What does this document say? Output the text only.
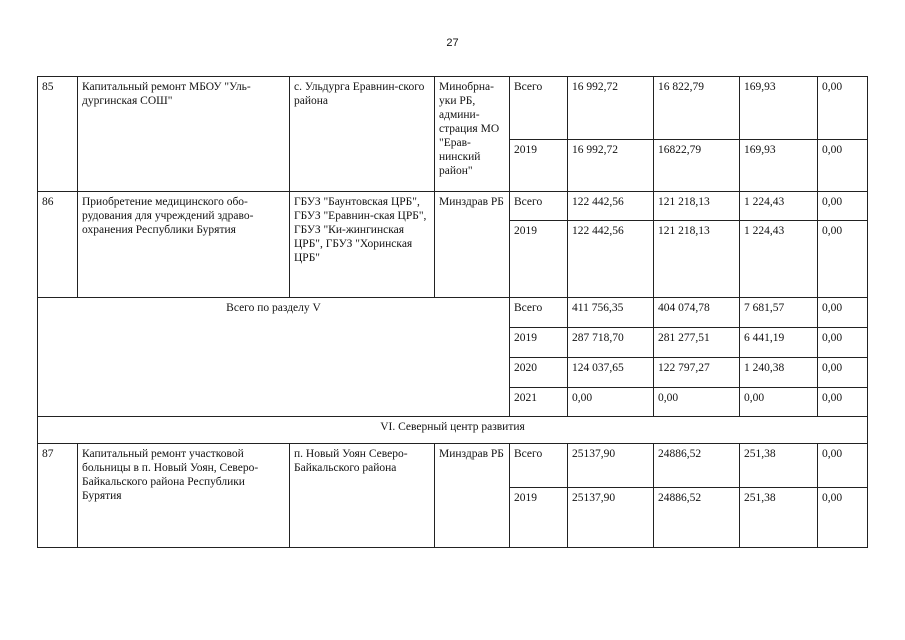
27
85	Капитальный ремонт МБОУ "Уль-дургинская СОШ"	с. Ульдурга Еравнин-ского района	Минобрна-уки РБ, админи-страция МО "Ерав-нинский район"	Всего	16 992,72	16 822,79	169,93	0,00
				2019	16 992,72	16822,79	169,93	0,00
86	Приобретение медицинского обо-рудования для учреждений здраво-охранения Республики Бурятия	ГБУЗ "Баунтовская ЦРБ", ГБУЗ "Еравнин-ская ЦРБ", ГБУЗ "Ки-жингинская ЦРБ", ГБУЗ "Хоринская ЦРБ"	Минздрав РБ	Всего	122 442,56	121 218,13	1 224,43	0,00
				2019	122 442,56	121 218,13	1 224,43	0,00
Всего по разделу V				Всего	411 756,35	404 074,78	7 681,57	0,00
				2019	287 718,70	281 277,51	6 441,19	0,00
				2020	124 037,65	122 797,27	1 240,38	0,00
				2021	0,00	0,00	0,00	0,00
VI. Северный центр развития								
87	Капитальный ремонт участковой больницы в п. Новый Уоян, Северо-Байкальского района Республики Бурятия	п. Новый Уоян Северо-Байкальского района	Минздрав РБ	Всего	25137,90	24886,52	251,38	0,00
				2019	25137,90	24886,52	251,38	0,00
